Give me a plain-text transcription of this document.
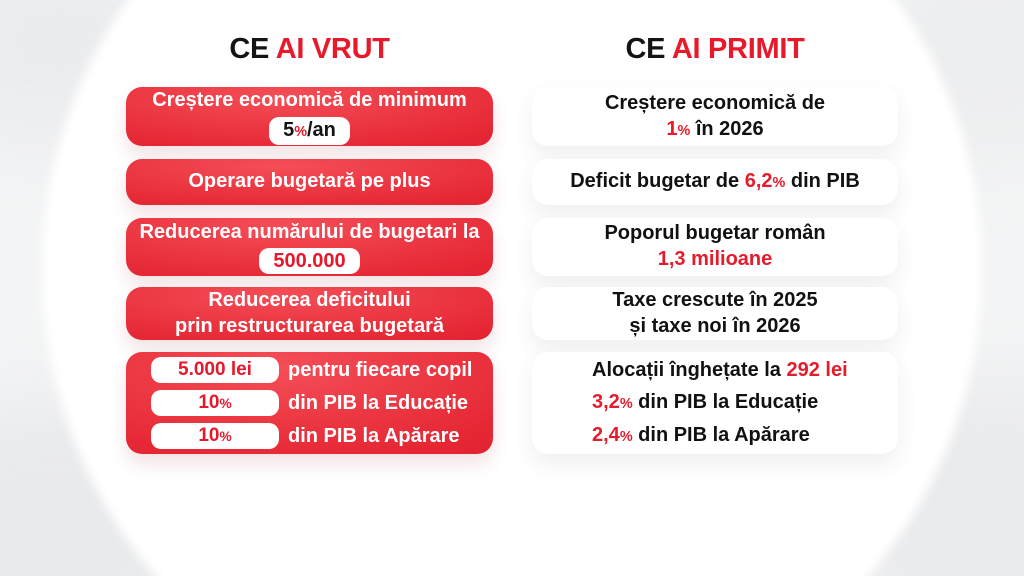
CE AI VRUT
Creștere economică de minimum
5%/an
Operare bugetară pe plus
Reducerea numărului de bugetari la
500.000
Reducerea deficitului
prin restructurarea bugetară
5.000 lei	pentru fiecare copil
10 %	din PIB la Educație
10 %	din PIB la Apărare
CE AI PRIMIT
Creștere economică de
1% în 2026
Deficit bugetar de 6,2% din PIB
Poporul bugetar român
1,3 milioane
Taxe crescute în 2025
și taxe noi în 2026
Alocații înghețate la 292 lei
3,2% din PIB la Educație
2,4% din PIB la Apărare
